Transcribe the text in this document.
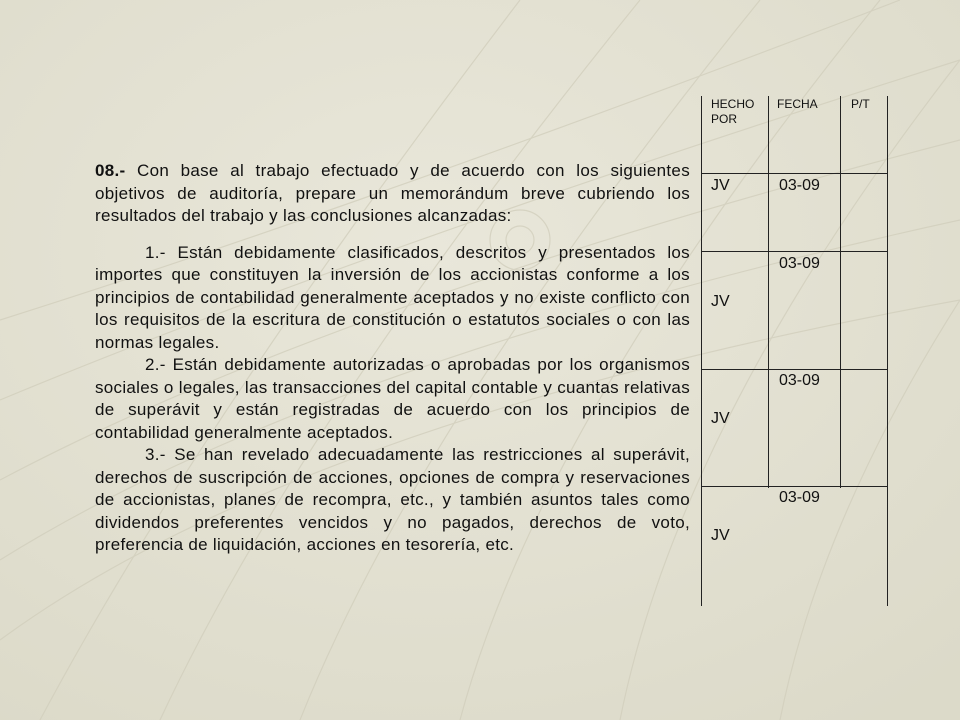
08.- Con base al trabajo efectuado y de acuerdo con los siguientes objetivos de auditoría, prepare un memorándum breve cubriendo los resultados del trabajo y las conclusiones alcanzadas:

1.- Están debidamente clasificados, descritos y presentados los importes que constituyen la inversión de los accionistas conforme a los principios de contabilidad generalmente aceptados y no existe conflicto con los requisitos de la escritura de constitución o estatutos sociales o con las normas legales.

2.- Están debidamente autorizadas o aprobadas por los organismos sociales o legales, las transacciones del capital contable y cuantas relativas de superávit y están registradas de acuerdo con los principios de contabilidad generalmente aceptados.

3.- Se han revelado adecuadamente las restricciones al superávit, derechos de suscripción de acciones, opciones de compra y reservaciones de accionistas, planes de recompra, etc., y también asuntos tales como dividendos preferentes vencidos y no pagados, derechos de voto, preferencia de liquidación, acciones en tesorería, etc.

HECHO POR
FECHA	P/T
JV	03-09
JV
03-09
JV
03-09
JV
03-09
